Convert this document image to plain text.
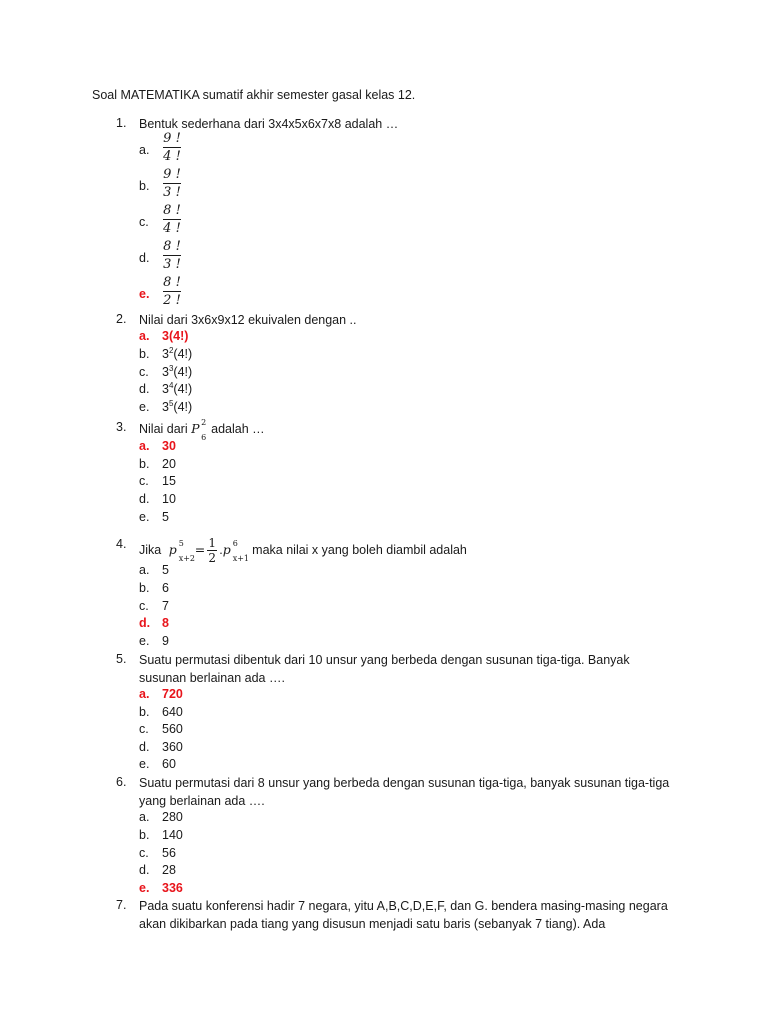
Soal MATEMATIKA sumatif akhir semester gasal kelas 12.
1. Bentuk sederhana dari 3x4x5x6x7x8 adalah …
a.
9 !
4 !
b.
9 !
3 !
c.
8 !
4 !
d.
8 !
3 !
e.
8 !
2 !
2. Nilai dari 3x6x9x12 ekuivalen dengan ..
a. 3(4!)
b. $3^2(4!)$
c. $3^3(4!)$
d. $3^4(4!)$
e. $3^5(4!)$
3. Nilai dari P 2
6
adalah …
a. 30
b. 20
c. 15
d. 10
e. 5
4. Jika p 5
x+2
= $\frac{1}{2} .p$ 6
x+1
maka nilai x yang boleh diambil adalah
a. 5
b. 6
c. 7
d. 8
e. 9
5. Suatu permutasi dibentuk dari 10 unsur yang berbeda dengan susunan tiga-tiga. Banyak susunan berlainan ada ….
a. 720
b. 640
c. 560
d. 360
e. 60
6. Suatu permutasi dari 8 unsur yang berbeda dengan susunan tiga-tiga, banyak susunan tiga-tiga yang berlainan ada ….
a. 280
b. 140
c. 56
d. 28
e. 336
7. Pada suatu konferensi hadir 7 negara, yitu A,B,C,D,E,F, dan G. bendera masing-masing negara akan dikibarkan pada tiang yang disusun menjadi satu baris (sebanyak 7 tiang). Ada
